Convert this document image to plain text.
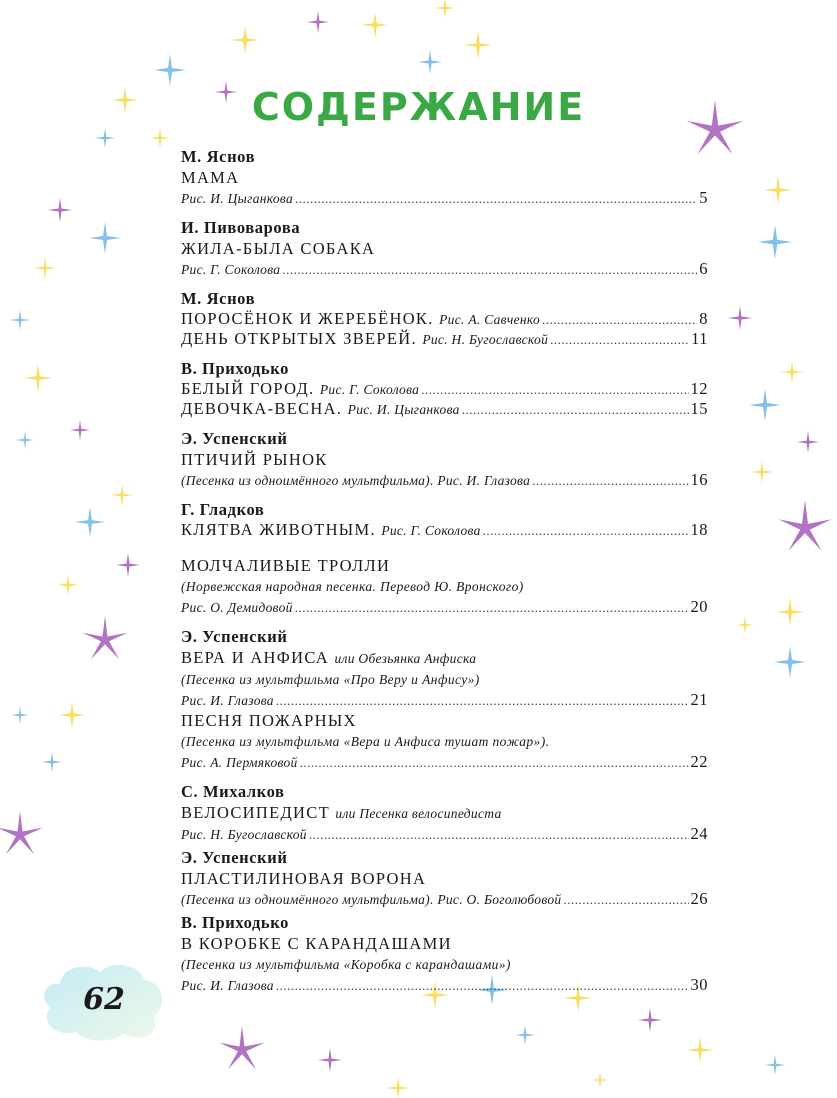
СОДЕРЖАНИЕ
М. Яснов
МАМА
Рис. И. Цыганкова .....	5
И. Пивоварова
ЖИЛА-БЫЛА СОБАКА
Рис. Г. Соколова .....	6
М. Яснов
ПОРОСЁНОК И ЖЕРЕБЁНОК. Рис. А. Савченко .....	8
ДЕНЬ ОТКРЫТЫХ ЗВЕРЕЙ. Рис. Н. Бугославской .....	11
В. Приходько
БЕЛЫЙ ГОРОД. Рис. Г. Соколова .....	12
ДЕВОЧКА-ВЕСНА. Рис. И. Цыганкова .....	15
Э. Успенский
ПТИЧИЙ РЫНОК
(Песенка из одноимённого мультфильма). Рис. И. Глазова .....	16
Г. Гладков
КЛЯТВА ЖИВОТНЫМ. Рис. Г. Соколова .....	18
МОЛЧАЛИВЫЕ ТРОЛЛИ
(Норвежская народная песенка. Перевод Ю. Вронского)
Рис. О. Демидовой .....	20
Э. Успенский
ВЕРА И АНФИСА или Обезьянка Анфиска
(Песенка из мультфильма «Про Веру и Анфису»)
Рис. И. Глазова .....	21
ПЕСНЯ ПОЖАРНЫХ
(Песенка из мультфильма «Вера и Анфиса тушат пожар»).
Рис. А. Пермяковой .....	22
С. Михалков
ВЕЛОСИПЕДИСТ или Песенка велосипедиста
Рис. Н. Бугославской .....	24
Э. Успенский
ПЛАСТИЛИНОВАЯ ВОРОНА
(Песенка из одноимённого мультфильма). Рис. О. Боголюбовой .....	26
В. Приходько
В КОРОБКЕ С КАРАНДАШАМИ
(Песенка из мультфильма «Коробка с карандашами»)
Рис. И. Глазова .....	30
62
